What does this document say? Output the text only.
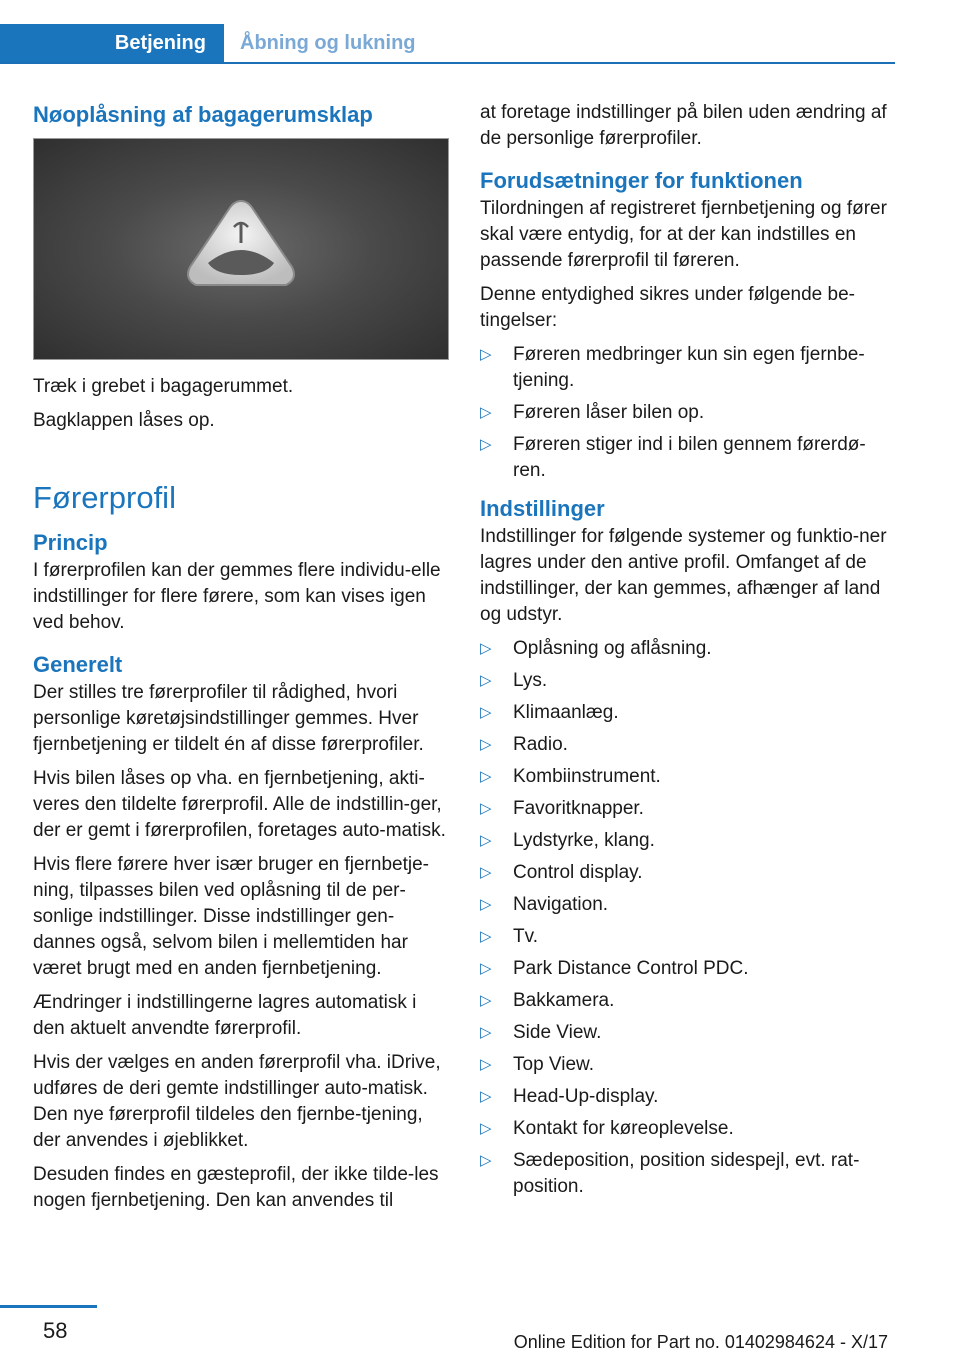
Betjening	Åbning og lukning
Nøoplåsning af bagagerumsklap

Træk i grebet i bagagerummet.

Bagklappen låses op.

Førerprofil
Princip

I førerprofilen kan der gemmes flere individu-elle indstillinger for flere førere, som kan vises igen ved behov.

Generelt

Der stilles tre førerprofiler til rådighed, hvori personlige køretøjsindstillinger gemmes. Hver fjernbetjening er tildelt én af disse førerprofiler.

Hvis bilen låses op vha. en fjernbetjening, akti-veres den tildelte førerprofil. Alle de indstillin-ger, der er gemt i førerprofilen, foretages auto-matisk.

Hvis flere førere hver især bruger en fjernbetje-ning, tilpasses bilen ved oplåsning til de per-sonlige indstillinger. Disse indstillinger gen-dannes også, selvom bilen i mellemtiden har været brugt med en anden fjernbetjening.

Ændringer i indstillingerne lagres automatisk i den aktuelt anvendte førerprofil.

Hvis der vælges en anden førerprofil vha. iDrive, udføres de deri gemte indstillinger auto-matisk. Den nye førerprofil tildeles den fjernbe-tjening, der anvendes i øjeblikket.

Desuden findes en gæsteprofil, der ikke tilde-les nogen fjernbetjening. Den kan anvendes til

at foretage indstillinger på bilen uden ændring af de personlige førerprofiler.

Forudsætninger for funktionen

Tilordningen af registreret fjernbetjening og fører skal være entydig, for at der kan indstilles en passende førerprofil til føreren.

Denne entydighed sikres under følgende be-tingelser:

▷	Føreren medbringer kun sin egen fjernbe-tjening.
▷	Føreren låser bilen op.
▷	Føreren stiger ind i bilen gennem førerdø-ren.
Indstillinger

Indstillinger for følgende systemer og funktio-ner lagres under den antive profil. Omfanget af de indstillinger, der kan gemmes, afhænger af land og udstyr.

▷	Oplåsning og aflåsning.
▷	Lys.
▷	Klimaanlæg.
▷	Radio.
▷	Kombiinstrument.
▷	Favoritknapper.
▷	Lydstyrke, klang.
▷	Control display.
▷	Navigation.
▷	Tv.
▷	Park Distance Control PDC.
▷	Bakkamera.
▷	Side View.
▷	Top View.
▷	Head-Up-display.
▷	Kontakt for køreoplevelse.
▷	Sædeposition, position sidespejl, evt. rat-position.
58	Online Edition for Part no. 01402984624 - X/17
